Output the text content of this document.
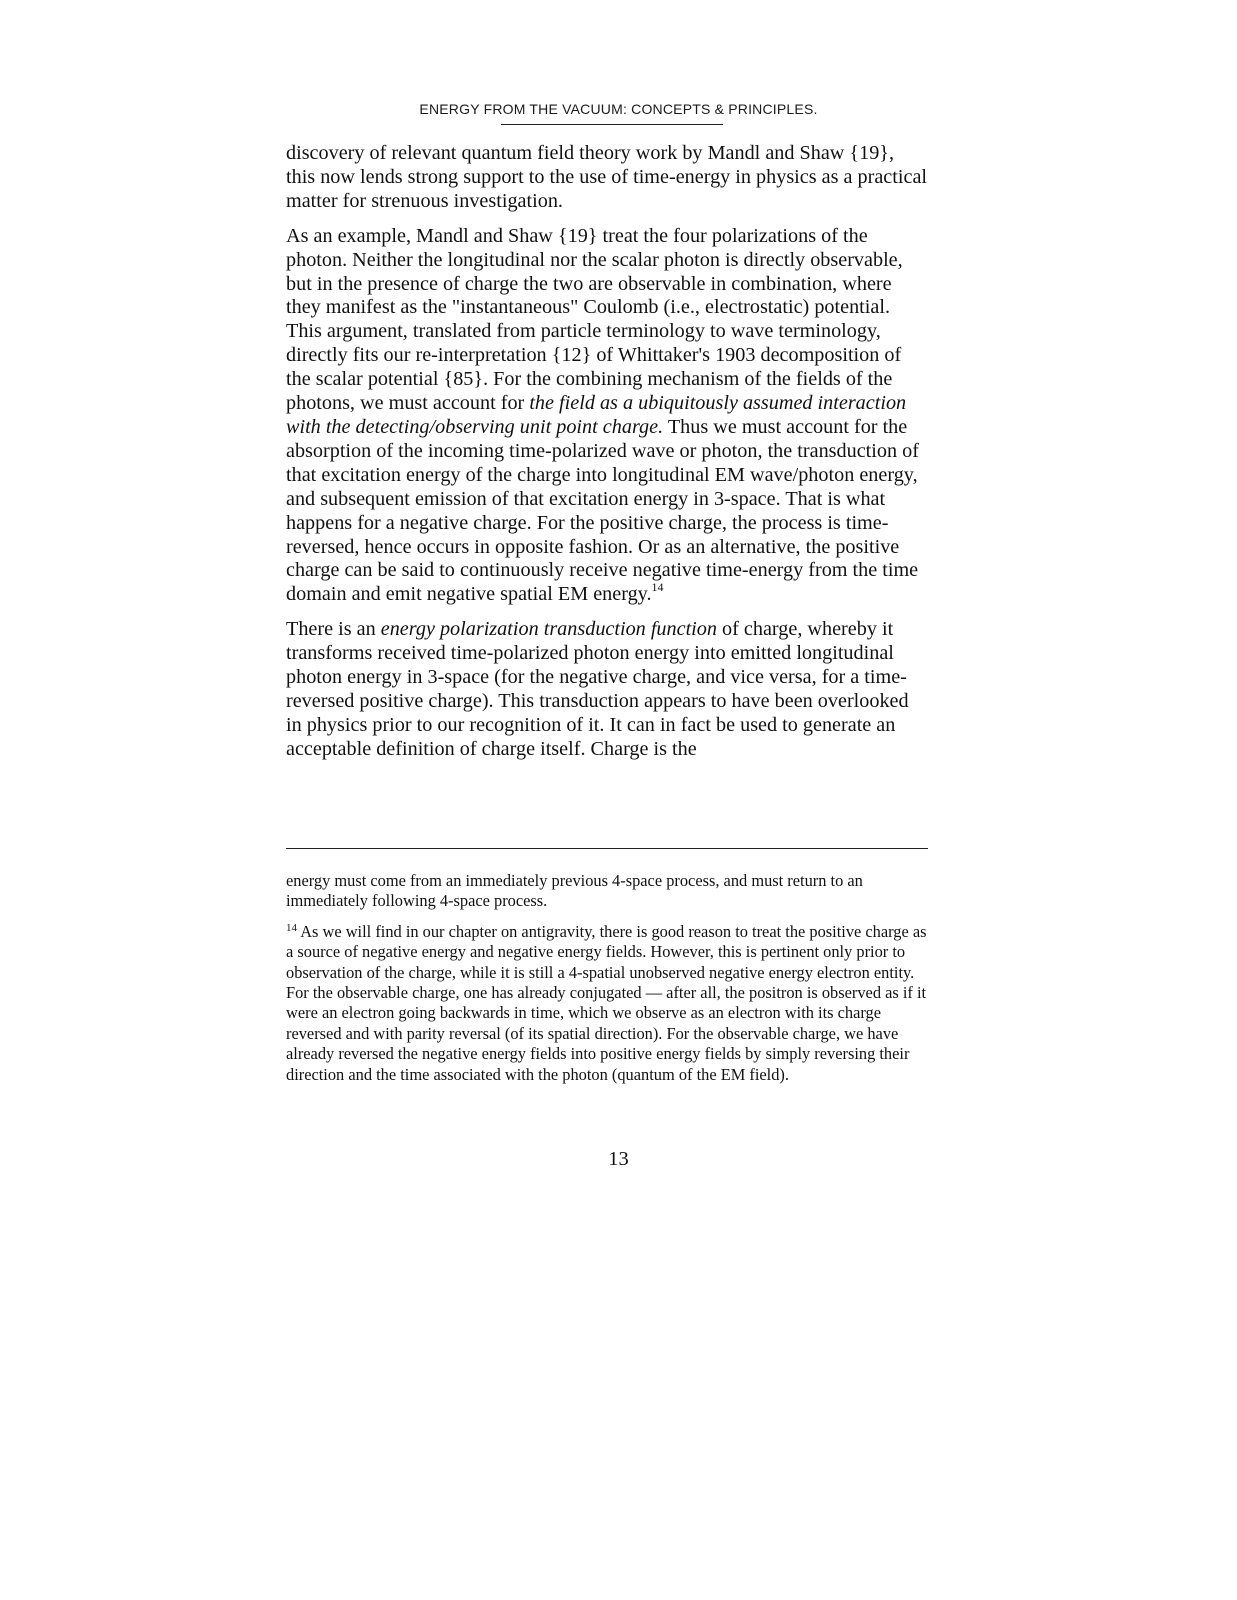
ENERGY FROM THE VACUUM: CONCEPTS & PRINCIPLES.

discovery of relevant quantum field theory work by Mandl and Shaw {19}, this now lends strong support to the use of time-energy in physics as a practical matter for strenuous investigation.

As an example, Mandl and Shaw {19} treat the four polarizations of the photon. Neither the longitudinal nor the scalar photon is directly observable, but in the presence of charge the two are observable in combination, where they manifest as the "instantaneous" Coulomb (i.e., electrostatic) potential. This argument, translated from particle terminology to wave terminology, directly fits our re-interpretation {12} of Whittaker's 1903 decomposition of the scalar potential {85}. For the combining mechanism of the fields of the photons, we must account for the field as a ubiquitously assumed interaction with the detecting/observing unit point charge. Thus we must account for the absorption of the incoming time-polarized wave or photon, the transduction of that excitation energy of the charge into longitudinal EM wave/photon energy, and subsequent emission of that excitation energy in 3-space. That is what happens for a negative charge. For the positive charge, the process is time-reversed, hence occurs in opposite fashion. Or as an alternative, the positive charge can be said to continuously receive negative time-energy from the time domain and emit negative spatial EM energy.$^{14}$

There is an energy polarization transduction function of charge, whereby it transforms received time-polarized photon energy into emitted longitudinal photon energy in 3-space (for the negative charge, and vice versa, for a time-reversed positive charge). This transduction appears to have been overlooked in physics prior to our recognition of it. It can in fact be used to generate an acceptable definition of charge itself. Charge is the

energy must come from an immediately previous 4-space process, and must return to an immediately following 4-space process.

$^{14}$ As we will find in our chapter on antigravity, there is good reason to treat the positive charge as a source of negative energy and negative energy fields. However, this is pertinent only prior to observation of the charge, while it is still a 4-spatial unobserved negative energy electron entity. For the observable charge, one has already conjugated — after all, the positron is observed as if it were an electron going backwards in time, which we observe as an electron with its charge reversed and with parity reversal (of its spatial direction). For the observable charge, we have already reversed the negative energy fields into positive energy fields by simply reversing their direction and the time associated with the photon (quantum of the EM field).

13
